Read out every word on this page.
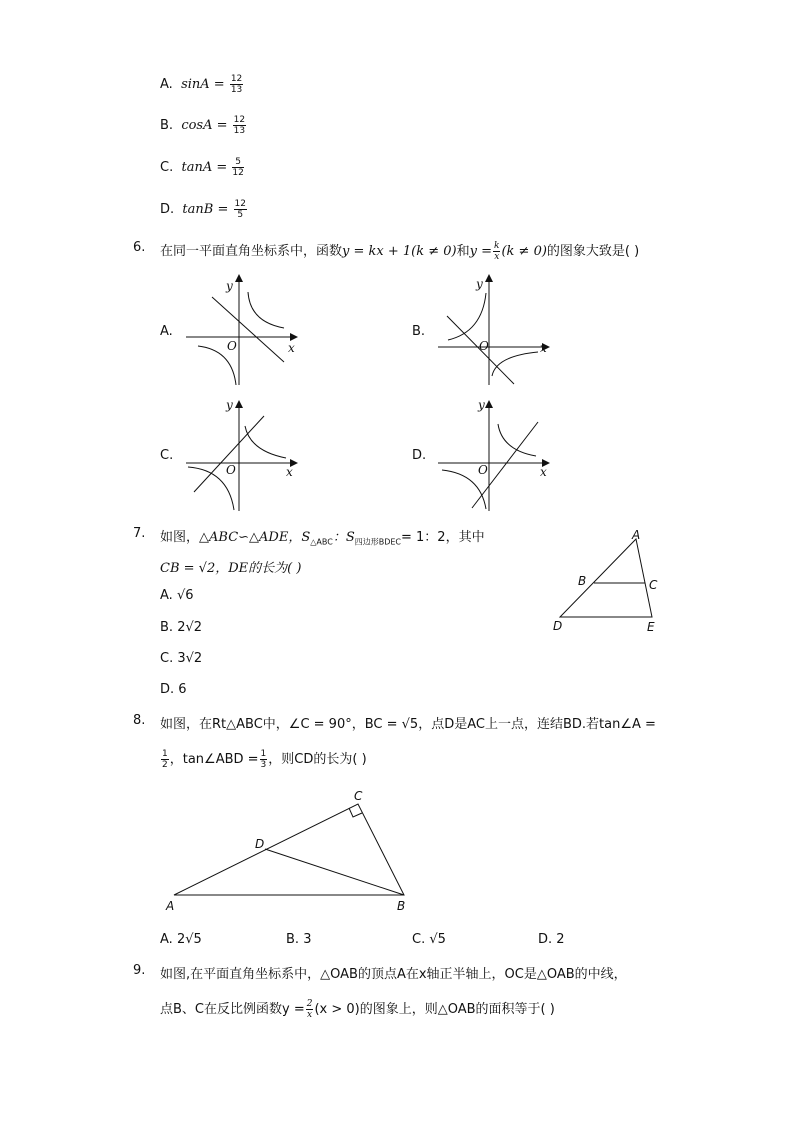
A. $\sin A = \frac{12}{13}$
B. $\cos A = \frac{12}{13}$
C. $\tan A = \frac{5}{12}$
D. $\tan B = \frac{12}{5}$
6. 在同一平面直角坐标系中，函数y = kx + 1(k ≠ 0)和$y = \frac{k}{x} (k \ne 0)$的图象大致是( )
A.
y
x
O
B.
y
x
O
C.
y
x
O
D.
y
x
O
7. 如图，△ABC∽△ADE，$S_{\triangle ABC}$：$S_{四边形BDEC}= 1$：2，其中
CB = √2，DE的长为( )
A. √6
B. 2√2
C. 3√2
D. 6
A
B	C
D	E
8. 如图，在Rt△ABC中，∠C = 90°，BC = √5，点D是AC上一点，连结BD.若tan∠A =
$\frac{1}{2}$ ，tan∠ABD = $\frac{1}{3}$ ，则CD的长为( )
A
C
D
B
A. 2√5	B. 3	C. √5	D. 2
9. 如图,在平面直角坐标系中，△OAB的顶点A在x轴正半轴上，OC是△OAB的中线，
点B、C在反比例函数$y = \frac{2}{x} (x > 0)$的图象上，则△OAB的面积等于( )
